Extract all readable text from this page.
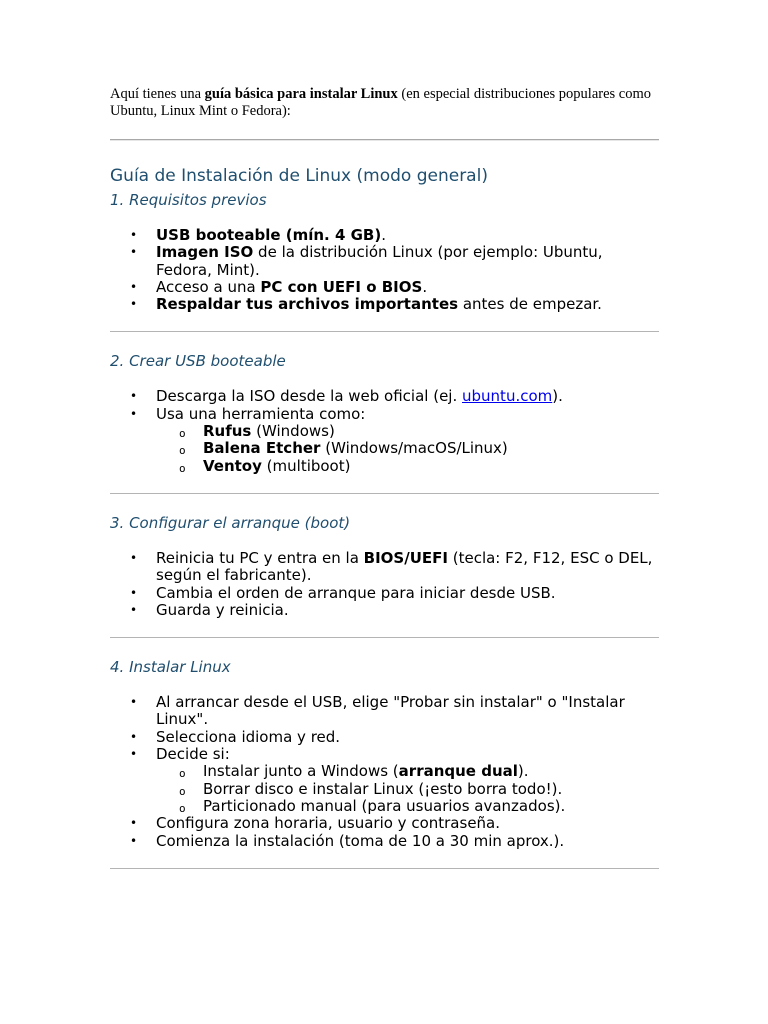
Aquí tienes una guía básica para instalar Linux (en especial distribuciones populares como Ubuntu, Linux Mint o Fedora):

Guía de Instalación de Linux (modo general)
1. Requisitos previos
• USB booteable (mín. 4 GB).
• Imagen ISO de la distribución Linux (por ejemplo: Ubuntu, Fedora, Mint).
• Acceso a una PC con UEFI o BIOS.
• Respaldar tus archivos importantes antes de empezar.
2. Crear USB booteable
• Descarga la ISO desde la web oficial (ej. ubuntu.com).
• Usa una herramienta como:
o Rufus (Windows)
o Balena Etcher (Windows/macOS/Linux)
o Ventoy (multiboot)
3. Configurar el arranque (boot)
• Reinicia tu PC y entra en la BIOS/UEFI (tecla: F2, F12, ESC o DEL, según el fabricante).
• Cambia el orden de arranque para iniciar desde USB.
• Guarda y reinicia.
4. Instalar Linux
• Al arrancar desde el USB, elige "Probar sin instalar" o "Instalar Linux".
• Selecciona idioma y red.
• Decide si:
o Instalar junto a Windows (arranque dual).
o Borrar disco e instalar Linux (¡esto borra todo!).
o Particionado manual (para usuarios avanzados).
• Configura zona horaria, usuario y contraseña.
• Comienza la instalación (toma de 10 a 30 min aprox.).
